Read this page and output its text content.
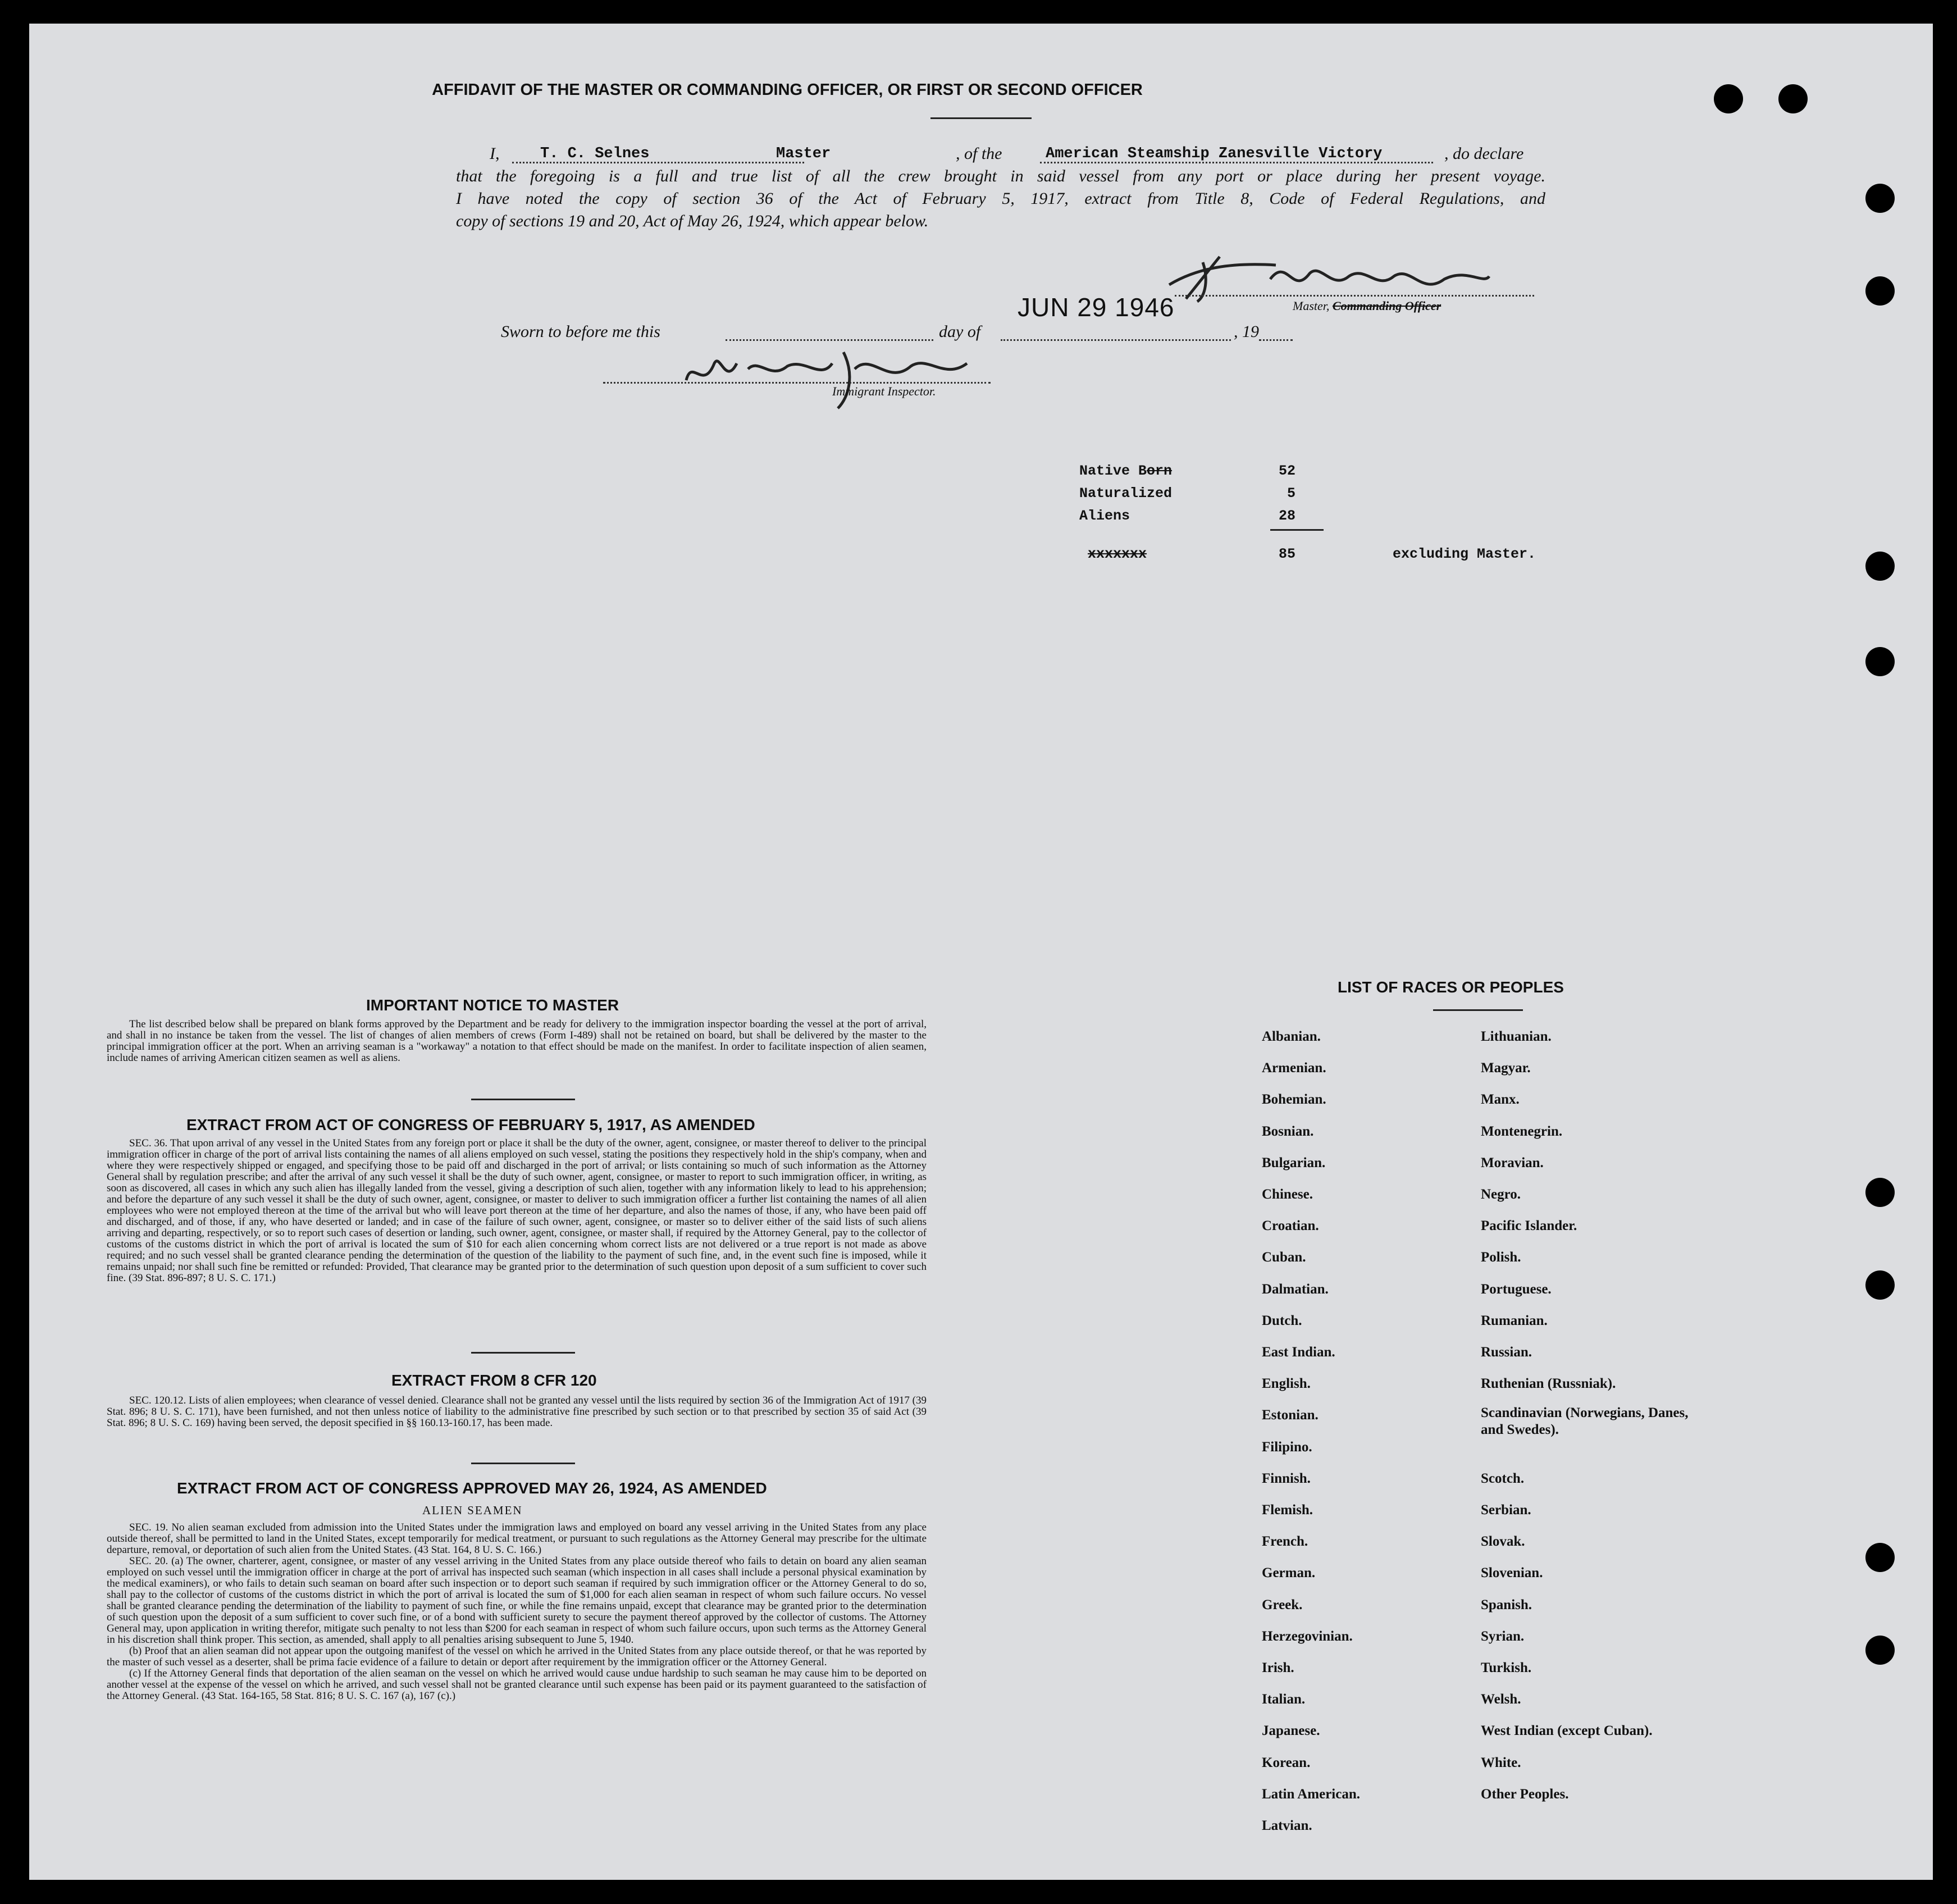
AFFIDAVIT OF THE MASTER OR COMMANDING OFFICER, OR FIRST OR SECOND OFFICER
I,	T. C. Selnes	Master	, of the	American Steamship Zanesville Victory	, do declare
that the foregoing is a full and true list of all the crew brought in said vessel from any port or place during her present voyage.
I have noted the copy of section 36 of the Act of February 5, 1917, extract from Title 8, Code of Federal Regulations, and
copy of sections 19 and 20, Act of May 26, 1924, which appear below.
Master, Commanding Officer
JUN 29 1946
Sworn to before me this	day of	, 19
Immigrant Inspector.
Native Born	52
Naturalized	5
Aliens	28
xxxxxxx	85	excluding Master.
IMPORTANT NOTICE TO MASTER

The list described below shall be prepared on blank forms approved by the Department and be ready for delivery to the immigration inspector boarding the vessel at the port of arrival, and shall in no instance be taken from the vessel. The list of changes of alien members of crews (Form I-489) shall not be retained on board, but shall be delivered by the master to the principal immigration officer at the port. When an arriving seaman is a "workaway" a notation to that effect should be made on the manifest. In order to facilitate inspection of alien seamen, include names of arriving American citizen seamen as well as aliens.

EXTRACT FROM ACT OF CONGRESS OF FEBRUARY 5, 1917, AS AMENDED

SEC. 36. That upon arrival of any vessel in the United States from any foreign port or place it shall be the duty of the owner, agent, consignee, or master thereof to deliver to the principal immigration officer in charge of the port of arrival lists containing the names of all aliens employed on such vessel, stating the positions they respectively hold in the ship's company, when and where they were respectively shipped or engaged, and specifying those to be paid off and discharged in the port of arrival; or lists containing so much of such information as the Attorney General shall by regulation prescribe; and after the arrival of any such vessel it shall be the duty of such owner, agent, consignee, or master to report to such immigration officer, in writing, as soon as discovered, all cases in which any such alien has illegally landed from the vessel, giving a description of such alien, together with any information likely to lead to his apprehension; and before the departure of any such vessel it shall be the duty of such owner, agent, consignee, or master to deliver to such immigration officer a further list containing the names of all alien employees who were not employed thereon at the time of the arrival but who will leave port thereon at the time of her departure, and also the names of those, if any, who have been paid off and discharged, and of those, if any, who have deserted or landed; and in case of the failure of such owner, agent, consignee, or master so to deliver either of the said lists of such aliens arriving and departing, respectively, or so to report such cases of desertion or landing, such owner, agent, consignee, or master shall, if required by the Attorney General, pay to the collector of customs of the customs district in which the port of arrival is located the sum of $10 for each alien concerning whom correct lists are not delivered or a true report is not made as above required; and no such vessel shall be granted clearance pending the determination of the question of the liability to the payment of such fine, and, in the event such fine is imposed, while it remains unpaid; nor shall such fine be remitted or refunded: Provided, That clearance may be granted prior to the determination of such question upon deposit of a sum sufficient to cover such fine. (39 Stat. 896-897; 8 U. S. C. 171.)

EXTRACT FROM 8 CFR 120

SEC. 120.12. Lists of alien employees; when clearance of vessel denied. Clearance shall not be granted any vessel until the lists required by section 36 of the Immigration Act of 1917 (39 Stat. 896; 8 U. S. C. 171), have been furnished, and not then unless notice of liability to the administrative fine prescribed by such section or to that prescribed by section 35 of said Act (39 Stat. 896; 8 U. S. C. 169) having been served, the deposit specified in §§ 160.13-160.17, has been made.

EXTRACT FROM ACT OF CONGRESS APPROVED MAY 26, 1924, AS AMENDED
ALIEN SEAMEN

SEC. 19. No alien seaman excluded from admission into the United States under the immigration laws and employed on board any vessel arriving in the United States from any place outside thereof, shall be permitted to land in the United States, except temporarily for medical treatment, or pursuant to such regulations as the Attorney General may prescribe for the ultimate departure, removal, or deportation of such alien from the United States. (43 Stat. 164, 8 U. S. C. 166.)

SEC. 20. (a) The owner, charterer, agent, consignee, or master of any vessel arriving in the United States from any place outside thereof who fails to detain on board any alien seaman employed on such vessel until the immigration officer in charge at the port of arrival has inspected such seaman (which inspection in all cases shall include a personal physical examination by the medical examiners), or who fails to detain such seaman on board after such inspection or to deport such seaman if required by such immigration officer or the Attorney General to do so, shall pay to the collector of customs of the customs district in which the port of arrival is located the sum of $1,000 for each alien seaman in respect of whom such failure occurs. No vessel shall be granted clearance pending the determination of the liability to payment of such fine, or while the fine remains unpaid, except that clearance may be granted prior to the determination of such question upon the deposit of a sum sufficient to cover such fine, or of a bond with sufficient surety to secure the payment thereof approved by the collector of customs. The Attorney General may, upon application in writing therefor, mitigate such penalty to not less than $200 for each seaman in respect of whom such failure occurs, upon such terms as the Attorney General in his discretion shall think proper. This section, as amended, shall apply to all penalties arising subsequent to June 5, 1940.

(b) Proof that an alien seaman did not appear upon the outgoing manifest of the vessel on which he arrived in the United States from any place outside thereof, or that he was reported by the master of such vessel as a deserter, shall be prima facie evidence of a failure to detain or deport after requirement by the immigration officer or the Attorney General.

(c) If the Attorney General finds that deportation of the alien seaman on the vessel on which he arrived would cause undue hardship to such seaman he may cause him to be deported on another vessel at the expense of the vessel on which he arrived, and such vessel shall not be granted clearance until such expense has been paid or its payment guaranteed to the satisfaction of the Attorney General. (43 Stat. 164-165, 58 Stat. 816; 8 U. S. C. 167 (a), 167 (c).)

LIST OF RACES OR PEOPLES
Albanian.
Armenian.
Bohemian.
Bosnian.
Bulgarian.
Chinese.
Croatian.
Cuban.
Dalmatian.
Dutch.
East Indian.
English.
Estonian.
Filipino.
Finnish.
Flemish.
French.
German.
Greek.
Herzegovinian.
Irish.
Italian.
Japanese.
Korean.
Latin American.
Latvian.
Lithuanian.
Magyar.
Manx.
Montenegrin.
Moravian.
Negro.
Pacific Islander.
Polish.
Portuguese.
Rumanian.
Russian.
Ruthenian (Russniak).
Scandinavian (Norwegians, Danes, and Swedes).
Scotch.
Serbian.
Slovak.
Slovenian.
Spanish.
Syrian.
Turkish.
Welsh.
West Indian (except Cuban).
White.
Other Peoples.
